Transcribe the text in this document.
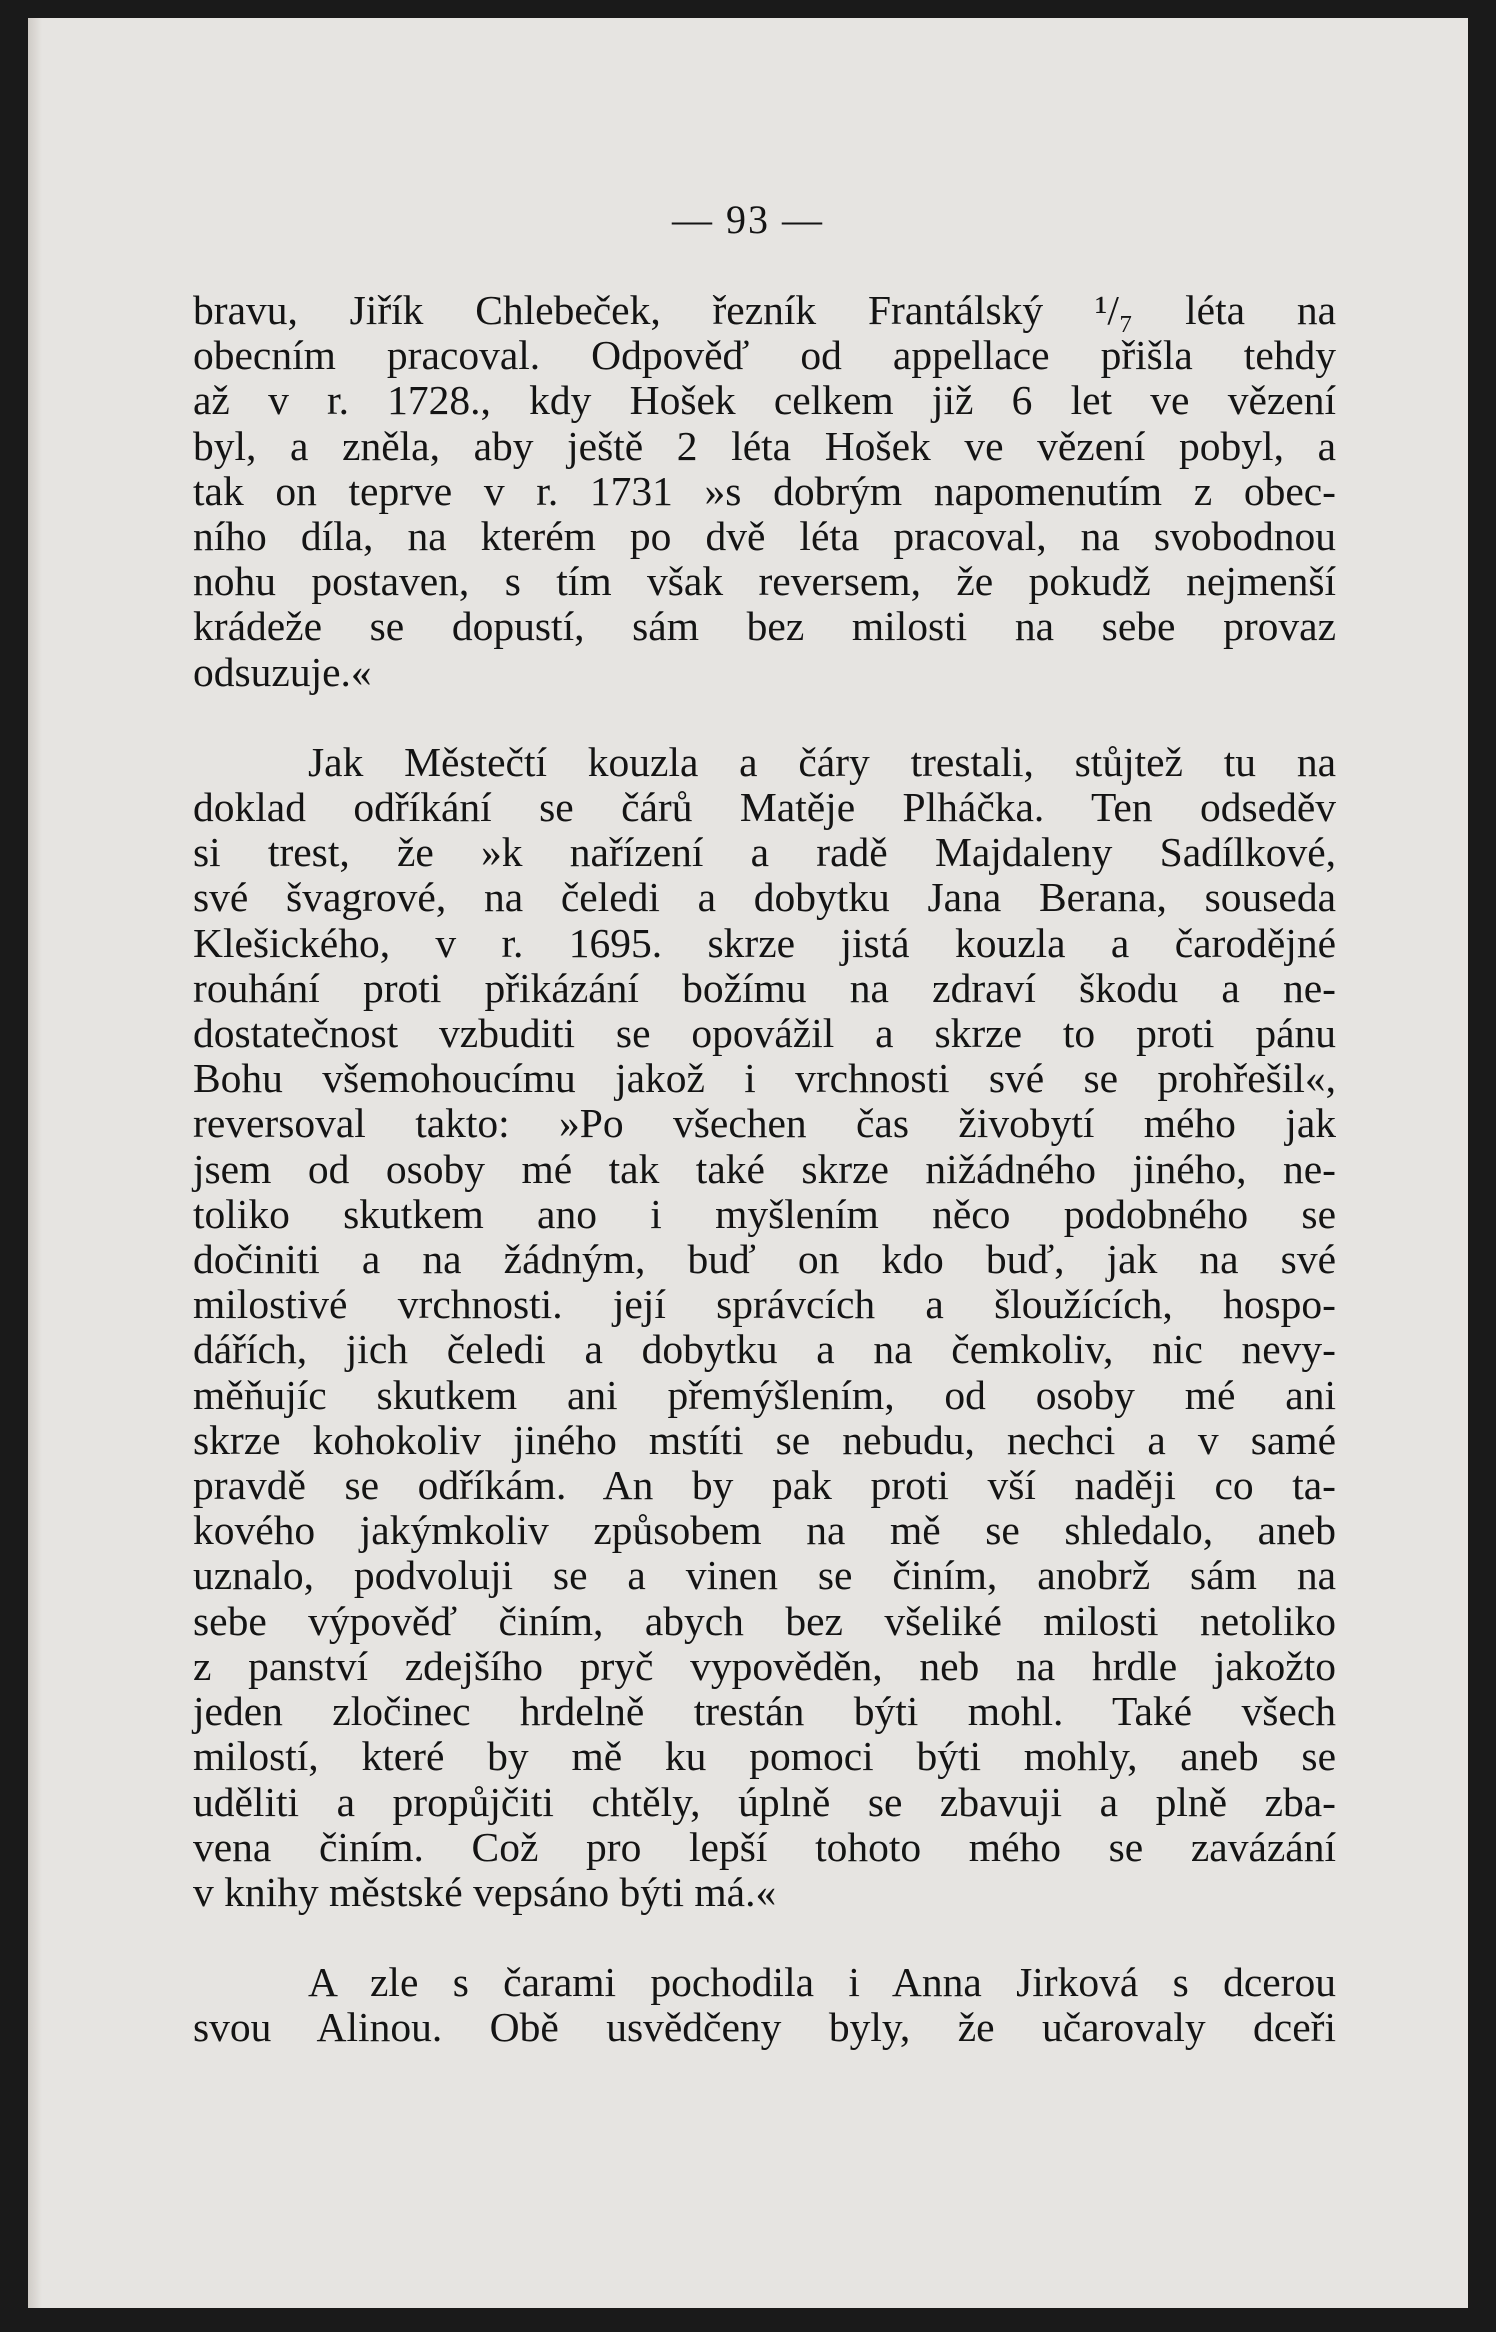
— 93 —

bravu, Jiřík Chlebeček, řezník Frantálský ¹/₇ léta na
obecním pracoval. Odpověď od appellace přišla tehdy
až v r. 1728., kdy Hošek celkem již 6 let ve vězení
byl, a zněla, aby ještě 2 léta Hošek ve vězení pobyl, a
tak on teprve v r. 1731 »s dobrým napomenutím z obec-
ního díla, na kterém po dvě léta pracoval, na svobodnou
nohu postaven, s tím však reversem, že pokudž nejmenší
krádeže se dopustí, sám bez milosti na sebe provaz
odsuzuje.«

Jak Městečtí kouzla a čáry trestali, stůjtež tu na
doklad odříkání se čárů Matěje Plháčka. Ten odseděv
si trest, že »k nařízení a radě Majdaleny Sadílkové,
své švagrové, na čeledi a dobytku Jana Berana, souseda
Klešického, v r. 1695. skrze jistá kouzla a čarodějné
rouhání proti přikázání božímu na zdraví škodu a ne-
dostatečnost vzbuditi se opovážil a skrze to proti pánu
Bohu všemohoucímu jakož i vrchnosti své se prohřešil«,
reversoval takto: »Po všechen čas živobytí mého jak
jsem od osoby mé tak také skrze nižádného jiného, ne-
toliko skutkem ano i myšlením něco podobného se
dočiniti a na žádným, buď on kdo buď, jak na své
milostivé vrchnosti. její správcích a šloužících, hospo-
dářích, jich čeledi a dobytku a na čemkoliv, nic nevy-
měňujíc skutkem ani přemýšlením, od osoby mé ani
skrze kohokoliv jiného mstíti se nebudu, nechci a v samé
pravdě se odříkám. An by pak proti vší naději co ta-
kového jakýmkoliv způsobem na mě se shledalo, aneb
uznalo, podvoluji se a vinen se činím, anobrž sám na
sebe výpověď činím, abych bez všeliké milosti netoliko
z panství zdejšího pryč vypověděn, neb na hrdle jakožto
jeden zločinec hrdelně trestán býti mohl. Také všech
milostí, které by mě ku pomoci býti mohly, aneb se
uděliti a propůjčiti chtěly, úplně se zbavuji a plně zba-
vena činím. Což pro lepší tohoto mého se zavázání
v knihy městské vepsáno býti má.«

A zle s čarami pochodila i Anna Jirková s dcerou
svou Alinou. Obě usvědčeny byly, že učarovaly dceři
